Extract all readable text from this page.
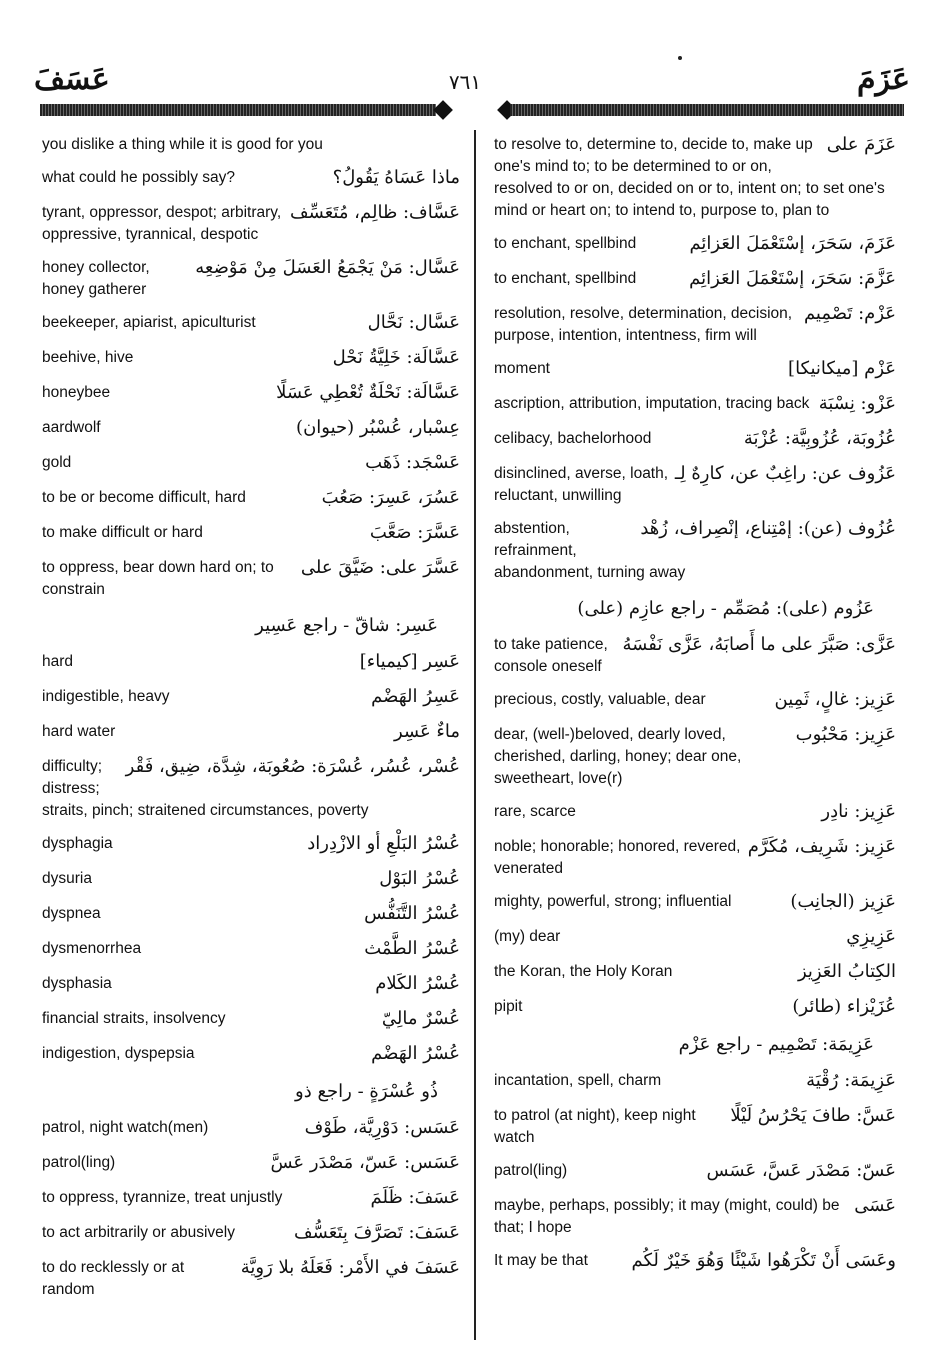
عَسَفَ	٧٦١	عَزَمَ
you dislike a thing while it is good for you
ماذا عَسَاهُ يَقُولُ؟
what could he possibly say?
عَسَّاف: ظالِم، مُتَعَسِّف
tyrant, oppressor, despot; arbitrary, oppressive, tyrannical, despotic
عَسَّال: مَنْ يَجْمَعُ العَسَلَ مِنْ مَوْضِعِه
honey collector, honey gatherer
عَسَّال: نَحَّال
beekeeper, apiarist, apiculturist
عَسَّالَة: خَلِيَّةُ نَحْل
beehive, hive
عَسَّالَة: نَحْلَةٌ تُعْطِي عَسَلًا
honeybee
عِسْبار، عُسْبُر (حيوان)
aardwolf
عَسْجَد: ذَهَب
gold
عَسُرَ، عَسِرَ: صَعُبَ
to be or become difficult, hard
عَسَّرَ: صَعَّبَ
to make difficult or hard
عَسَّرَ على: ضَيَّقَ على
to oppress, bear down hard on; to constrain
عَسِر: شاقّ - راجع عَسِير
عَسِر [كيمياء]
hard
عَسِرُ الهَضْم
indigestible, heavy
ماءٌ عَسِر
hard water
عُسْر، عُسُر، عُسْرَة: صُعُوبَة، شِدَّة، ضِيق، فَقْر
difficulty; distress; straits, pinch; straitened circumstances, poverty
عُسْرُ البَلْعِ أو الازْدِراد
dysphagia
عُسْرُ البَوْل
dysuria
عُسْرُ التَّنَفُّس
dyspnea
عُسْرُ الطَّمْث
dysmenorrhea
عُسْرُ الكَلام
dysphasia
عُسْرٌ مالِيّ
financial straits, insolvency
عُسْرُ الهَضْم
indigestion, dyspepsia
ذُو عُسْرَةٍ - راجع ذو
عَسَس: دَوْرِيَّة، طَوْف
patrol, night watch(men)
عَسَس: عَسّ، مَصْدَر عَسَّ
patrol(ling)
عَسَفَ: ظَلَمَ
to oppress, tyrannize, treat unjustly
عَسَفَ: تَصَرَّفَ بِتَعَسُّف
to act arbitrarily or abusively
عَسَفَ في الأَمْر: فَعَلَهُ بلا رَوِيَّة
to do recklessly or at random
عَزَمَ على
to resolve to, determine to, decide to, make up one's mind to; to be determined to or on, resolved to or on, decided on or to, intent on; to set one's mind or heart on; to intend to, purpose to, plan to
عَزَمَ، سَحَرَ، إسْتَعْمَلَ العَزائِم
to enchant, spellbind
عَزَّمَ: سَحَرَ، إسْتَعْمَلَ العَزائِم
to enchant, spellbind
عَزْم: تَصْمِيم
resolution, resolve, determination, decision, purpose, intention, intentness, firm will
عَزْم [ميكانيكا]
moment
عَزْو: نِسْبَة
ascription, attribution, imputation, tracing back
عُزُوبَة، عُزُوبِيَّة: عُزْبَة
celibacy, bachelorhood
عَزُوف عن: راغِبٌ عن، كارِهٌ لِـ
disinclined, averse, loath, reluctant, unwilling
عُزُوف (عن): إمْتِناع، إنْصِراف، زُهْد
abstention, refrainment, abandonment, turning away
عَزُوم (على): مُصَمِّم - راجع عازِم (على)
عَزَّى: صَبَّرَ على ما أَصابَهُ، عَزَّى نَفْسَهُ
to take patience, console oneself
عَزِيز: غالٍ، ثَمِين
precious, costly, valuable, dear
عَزِيز: مَحْبُوب
dear, (well-)beloved, dearly loved, cherished, darling, honey; dear one, sweetheart, love(r)
عَزِيز: نادِر
rare, scarce
عَزِيز: شَرِيف، مُكَرَّم
noble; honorable; honored, revered, venerated
عَزِيز (الجانِب)
mighty, powerful, strong; influential
عَزِيزِي
(my) dear
الكِتابُ العَزِيز
the Koran, the Holy Koran
عُزَيْزاء (طائر)
pipit
عَزِيمَة: تَصْمِيم - راجع عَزْم
عَزِيمَة: رُقْيَة
incantation, spell, charm
عَسَّ: طافَ يَحْرُسُ لَيْلًا
to patrol (at night), keep night watch
عَسّ: مَصْدَر عَسَّ، عَسَس
patrol(ling)
عَسَى
maybe, perhaps, possibly; it may (might, could) be that; I hope
وعَسَى أَنْ تَكْرَهُوا شَيْئًا وَهُوَ خَيْرٌ لَكُم
It may be that
